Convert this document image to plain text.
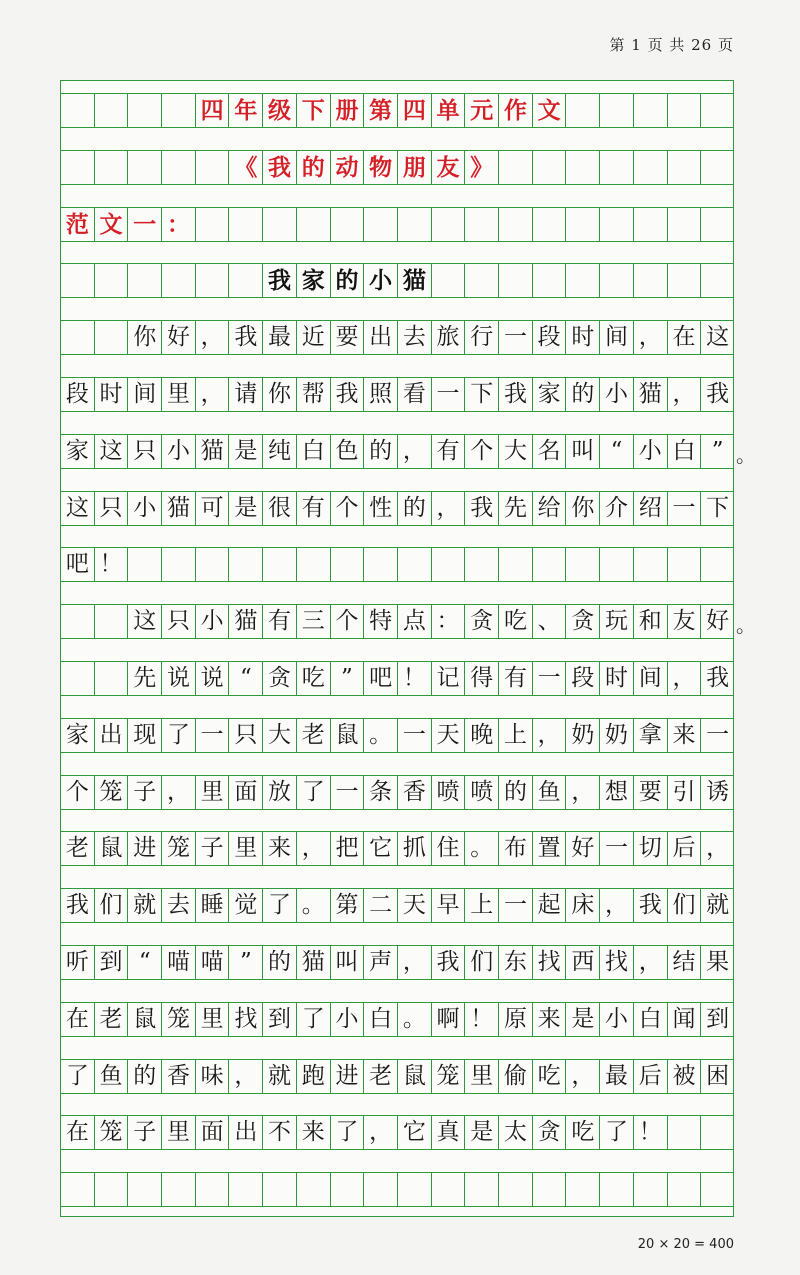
第 1 页 共 26 页
四 年 级 下 册 第 四 单 元 作 文
《 我 的 动 物 朋 友 》
范 文 一 ：
我 家 的 小 猫
你 好 ， 我 最 近 要 出 去 旅 行 一 段 时 间 ， 在 这
段 时 间 里 ， 请 你 帮 我 照 看 一 下 我 家 的 小 猫 ， 我
家 这 只 小 猫 是 纯 白 色 的 ， 有 个 大 名 叫 “ 小 白 ”
这 只 小 猫 可 是 很 有 个 性 的 ， 我 先 给 你 介 绍 一 下
吧 ！
这 只 小 猫 有 三 个 特 点 ： 贪 吃 、 贪 玩 和 友 好
先 说 说 “ 贪 吃 ” 吧 ！ 记 得 有 一 段 时 间 ， 我
家 出 现 了 一 只 大 老 鼠 。 一 天 晚 上 ， 奶 奶 拿 来 一
个 笼 子 ， 里 面 放 了 一 条 香 喷 喷 的 鱼 ， 想 要 引 诱
老 鼠 进 笼 子 里 来 ， 把 它 抓 住 。 布 置 好 一 切 后 ，
我 们 就 去 睡 觉 了 。 第 二 天 早 上 一 起 床 ， 我 们 就
听 到 “ 喵 喵 ” 的 猫 叫 声 ， 我 们 东 找 西 找 ， 结 果
在 老 鼠 笼 里 找 到 了 小 白 。 啊 ！ 原 来 是 小 白 闻 到
了 鱼 的 香 味 ， 就 跑 进 老 鼠 笼 里 偷 吃 ， 最 后 被 困
在 笼 子 里 面 出 不 来 了 ， 它 真 是 太 贪 吃 了 ！
20 × 20 = 400
。
。
